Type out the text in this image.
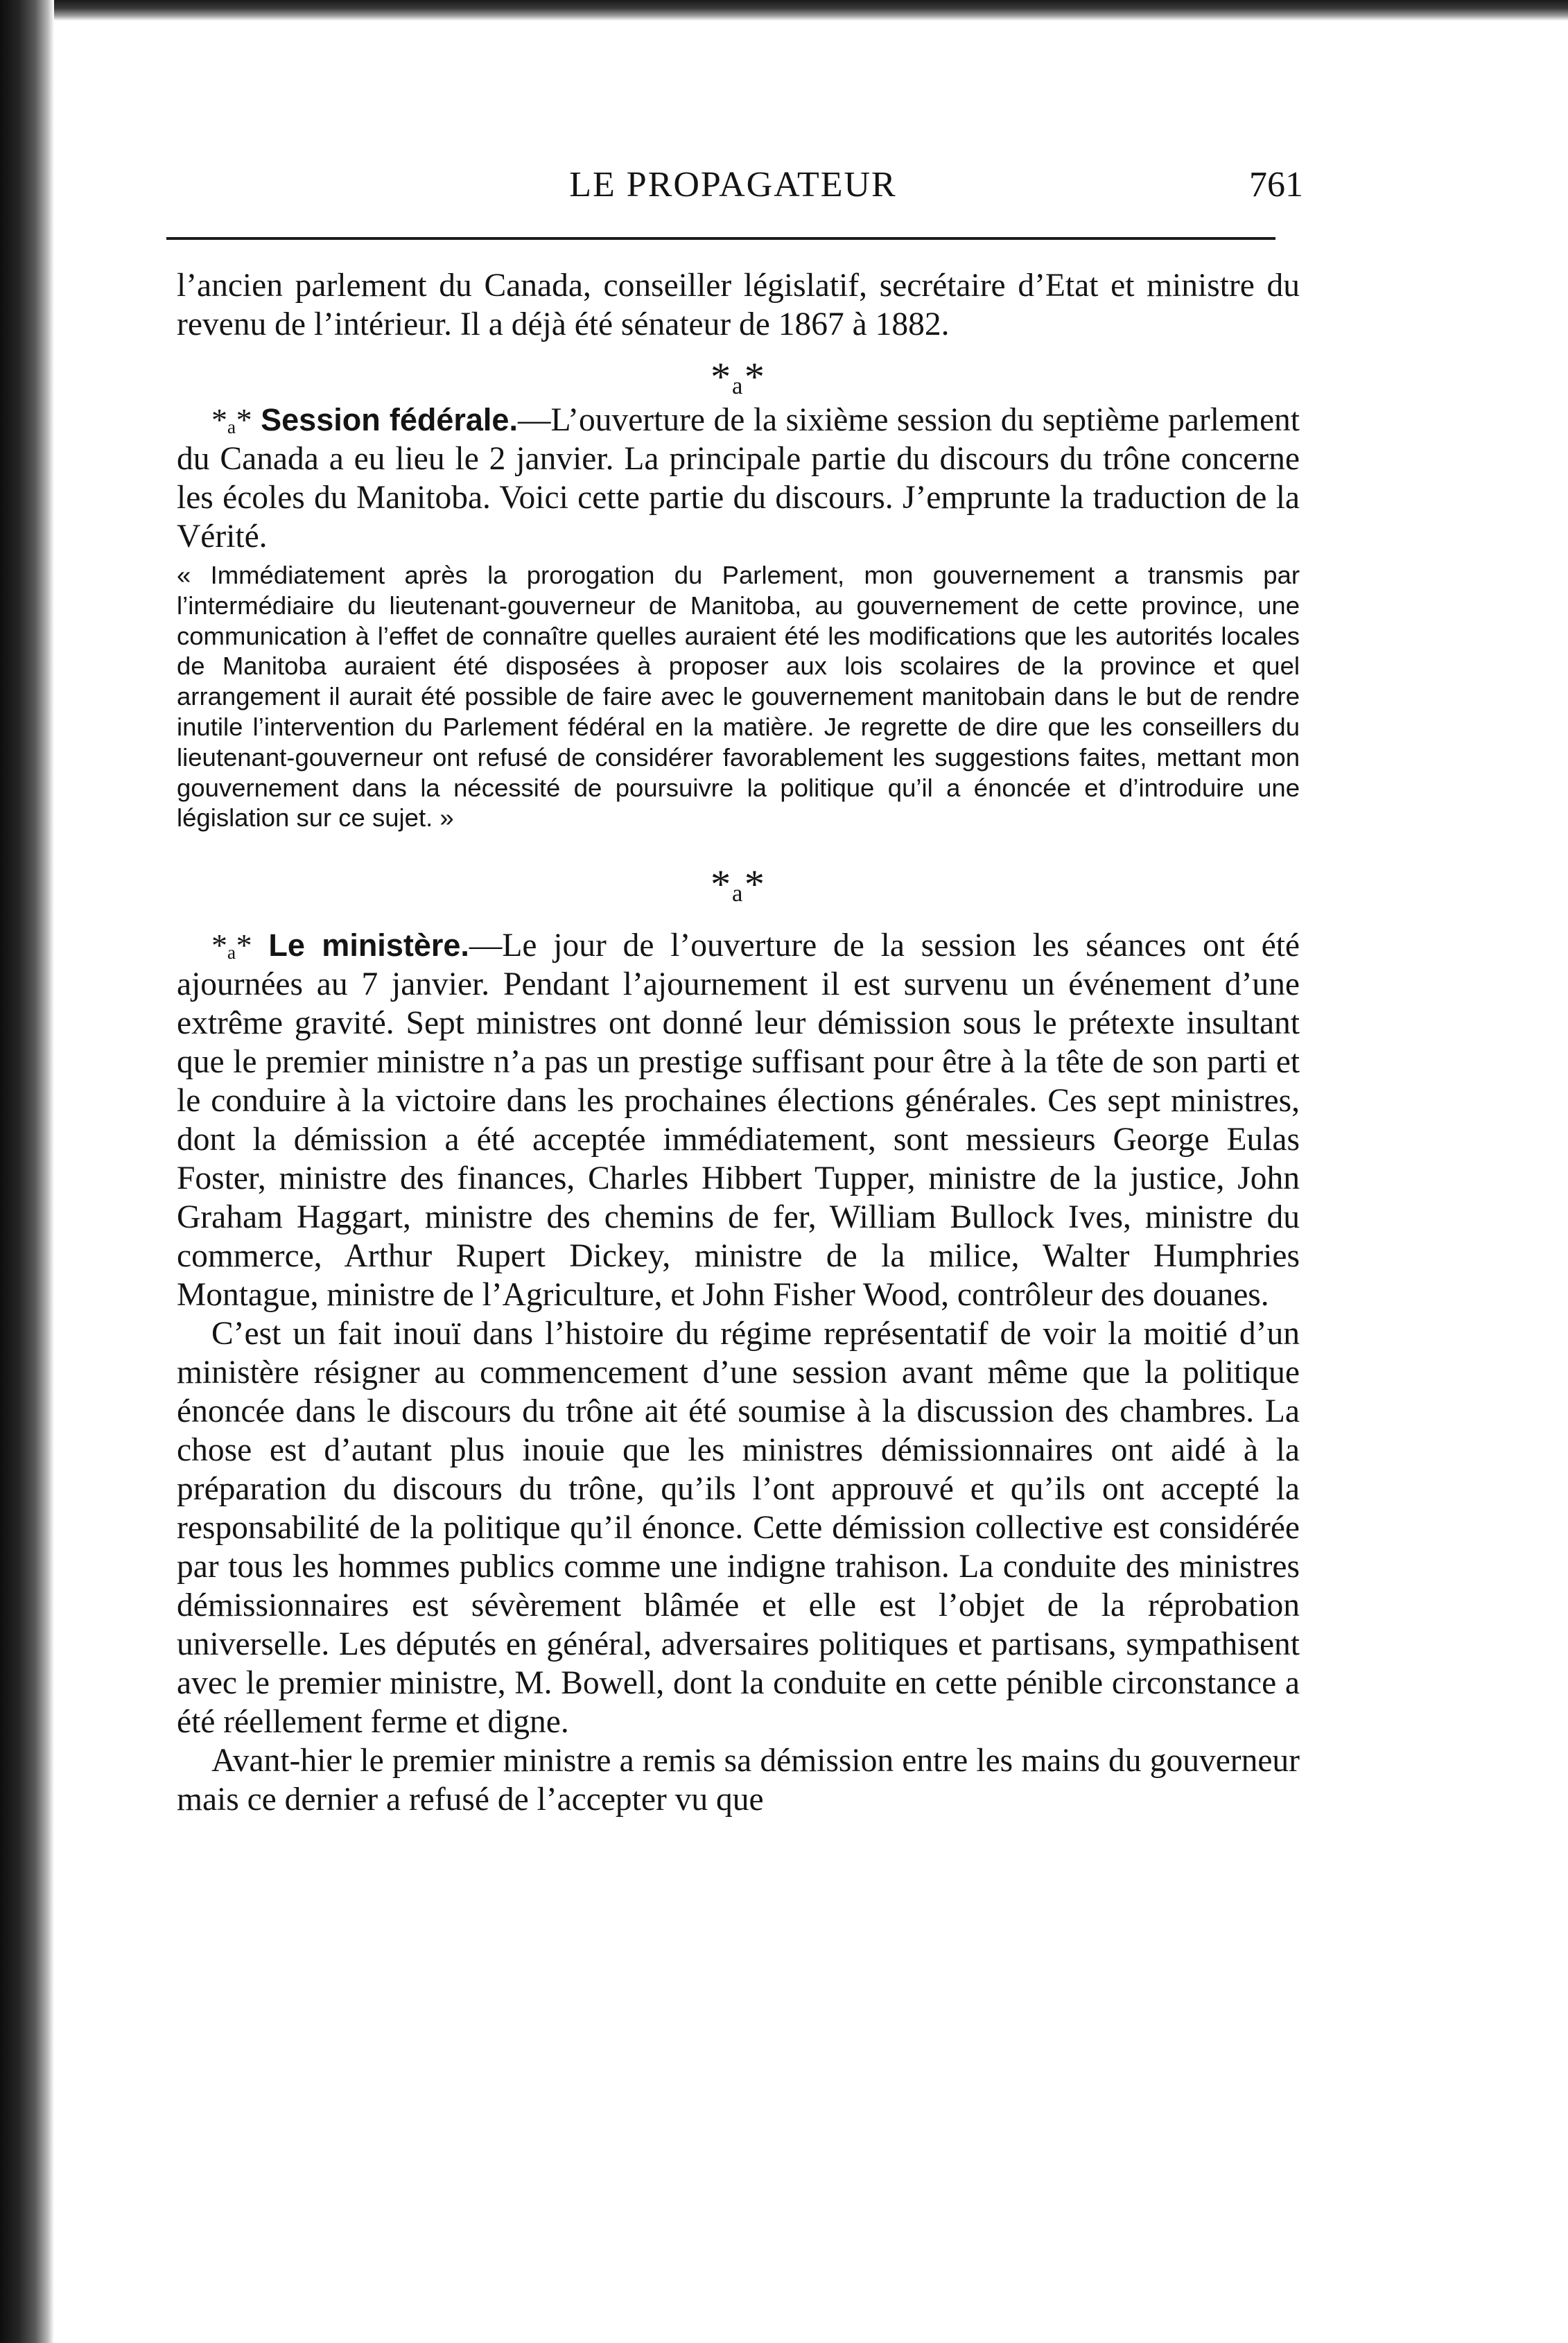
LE PROPAGATEUR	761

l’ancien parlement du Canada, conseiller législatif, secrétaire d’Etat et ministre du revenu de l’intérieur. Il a déjà été sénateur de 1867 à 1882.

*ₐ*

*ₐ* Session fédérale.—L’ouverture de la sixième session du septième parlement du Canada a eu lieu le 2 janvier. La principale partie du discours du trône concerne les écoles du Manitoba. Voici cette partie du discours. J’emprunte la traduction de la Vérité.

« Immédiatement après la prorogation du Parlement, mon gouvernement a transmis par l’intermédiaire du lieutenant-gouverneur de Manitoba, au gouvernement de cette province, une communication à l’effet de connaître quelles auraient été les modifications que les autorités locales de Manitoba auraient été disposées à proposer aux lois scolaires de la province et quel arrangement il aurait été possible de faire avec le gouvernement manitobain dans le but de rendre inutile l’intervention du Parlement fédéral en la matière. Je regrette de dire que les conseillers du lieutenant-gouverneur ont refusé de considérer favorablement les suggestions faites, mettant mon gouvernement dans la nécessité de poursuivre la politique qu’il a énoncée et d’introduire une législation sur ce sujet. »

*ₐ*

*ₐ* Le ministère.—Le jour de l’ouverture de la session les séances ont été ajournées au 7 janvier. Pendant l’ajournement il est survenu un événement d’une extrême gravité. Sept ministres ont donné leur démission sous le prétexte insultant que le premier ministre n’a pas un prestige suffisant pour être à la tête de son parti et le conduire à la victoire dans les prochaines élections générales. Ces sept ministres, dont la démission a été acceptée immédiatement, sont messieurs George Eulas Foster, ministre des finances, Charles Hibbert Tupper, ministre de la justice, John Graham Haggart, ministre des chemins de fer, William Bullock Ives, ministre du commerce, Arthur Rupert Dickey, ministre de la milice, Walter Humphries Montague, ministre de l’Agriculture, et John Fisher Wood, contrôleur des douanes.

C’est un fait inouï dans l’histoire du régime représentatif de voir la moitié d’un ministère résigner au commencement d’une session avant même que la politique énoncée dans le discours du trône ait été soumise à la discussion des chambres. La chose est d’autant plus inouie que les ministres démissionnaires ont aidé à la préparation du discours du trône, qu’ils l’ont approuvé et qu’ils ont accepté la responsabilité de la politique qu’il énonce. Cette démission collective est considérée par tous les hommes publics comme une indigne trahison. La conduite des ministres démissionnaires est sévèrement blâmée et elle est l’objet de la réprobation universelle. Les députés en général, adversaires politiques et partisans, sympathisent avec le premier ministre, M. Bowell, dont la conduite en cette pénible circonstance a été réellement ferme et digne.

Avant-hier le premier ministre a remis sa démission entre les mains du gouverneur mais ce dernier a refusé de l’accepter vu que
